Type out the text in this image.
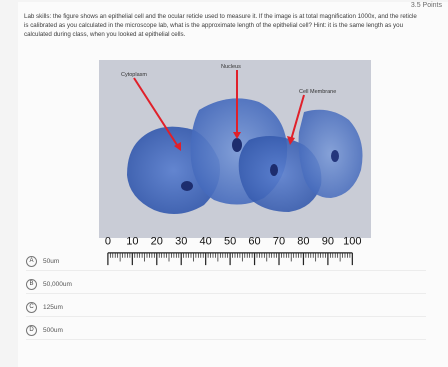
3.5 Points
Lab skills: the figure shows an epithelial cell and the ocular reticle used to measure it. If the image is at total magnification 1000x, and the reticle is calibrated as you calculated in the microscope lab, what is the approximate length of the epithelial cell? Hint: it is the same length as you calculated during class, when you looked at epithelial cells.
Nucleus
Cytoplasm
Cell Membrane
0 10 20 30 40 50 60 70 80 90 100
A	50um
B	50,000um
C	125um
D	500um
